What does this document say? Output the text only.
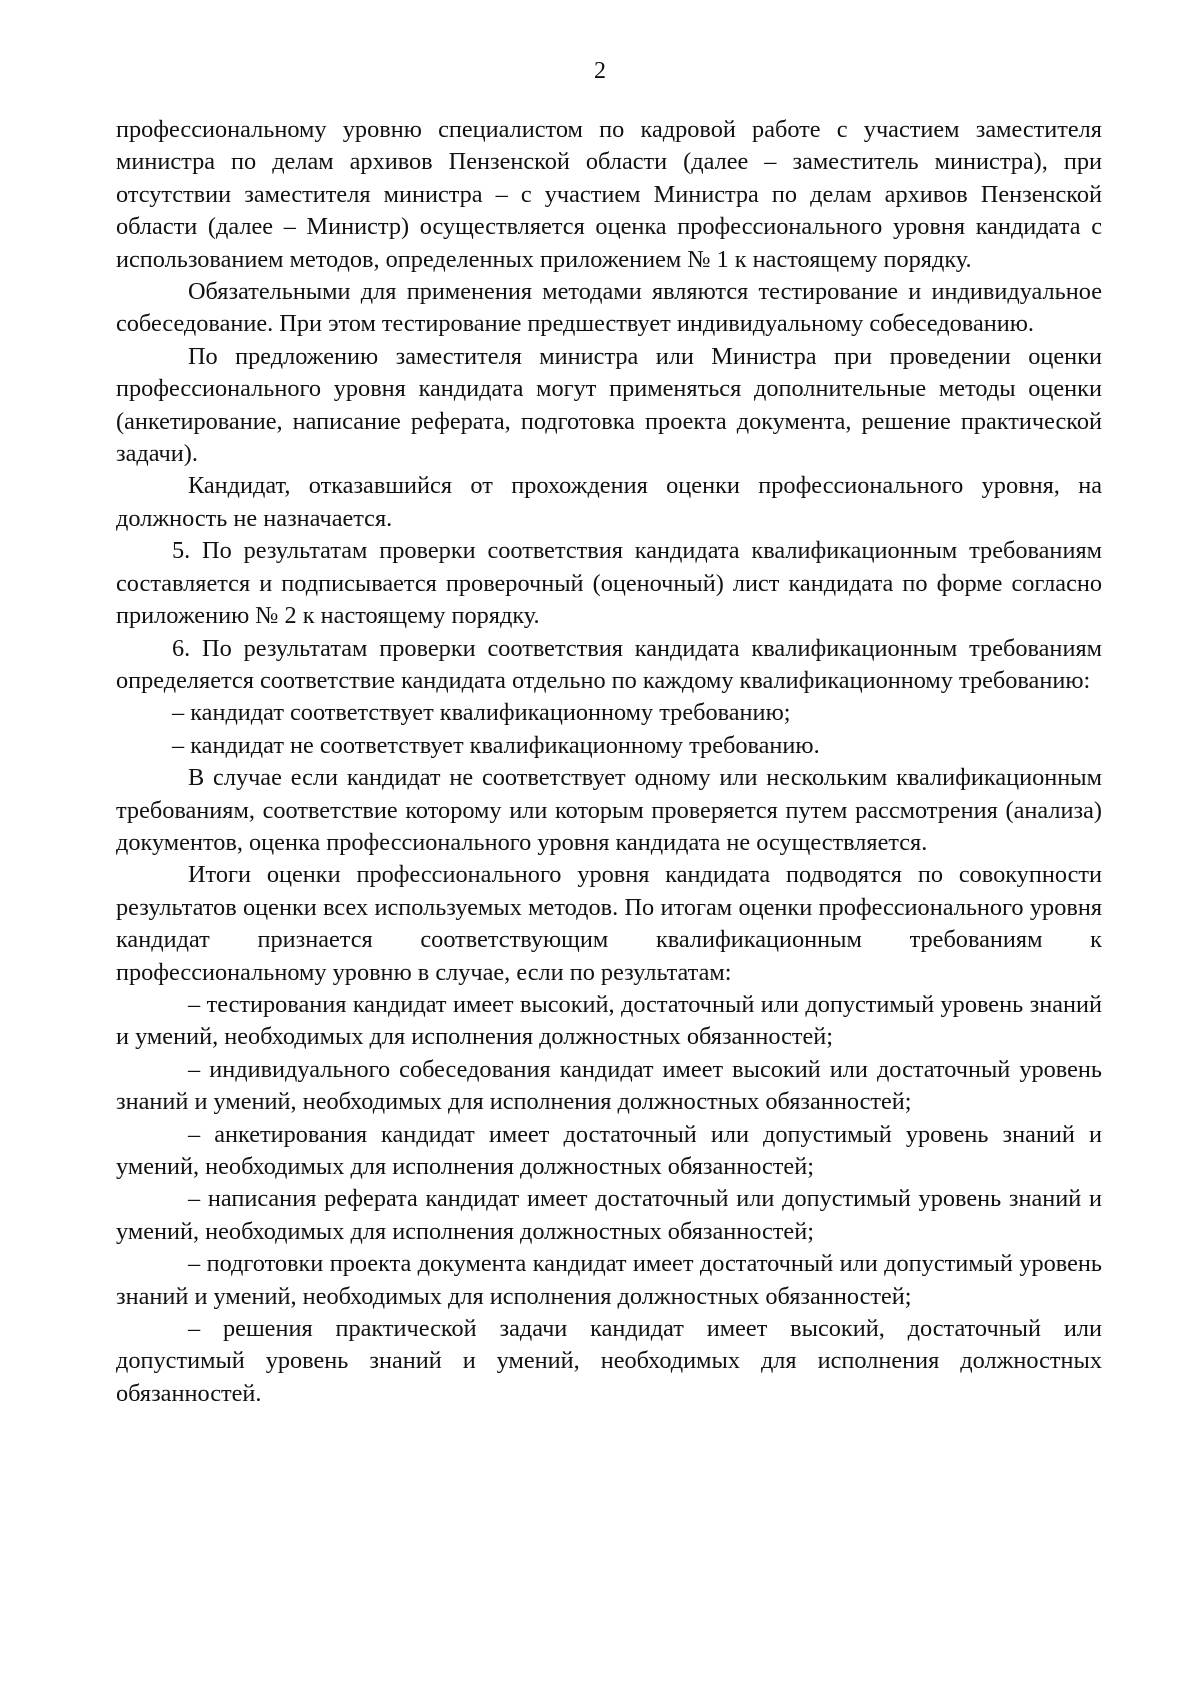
2

профессиональному уровню специалистом по кадровой работе с участием заместителя министра по делам архивов Пензенской области (далее – заместитель министра), при отсутствии заместителя министра – с участием Министра по делам архивов Пензенской области (далее – Министр) осуществляется оценка профессионального уровня кандидата с использованием методов, определенных приложением № 1 к настоящему порядку.

Обязательными для применения методами являются тестирование и индивидуальное собеседование. При этом тестирование предшествует индивидуальному собеседованию.

По предложению заместителя министра или Министра при проведении оценки профессионального уровня кандидата могут применяться дополнительные методы оценки (анкетирование, написание реферата, подготовка проекта документа, решение практической задачи).

Кандидат, отказавшийся от прохождения оценки профессионального уровня, на должность не назначается.

5. По результатам проверки соответствия кандидата квалификационным требованиям составляется и подписывается проверочный (оценочный) лист кандидата по форме согласно приложению № 2 к настоящему порядку.

6. По результатам проверки соответствия кандидата квалификационным требованиям определяется соответствие кандидата отдельно по каждому квалификационному требованию:

– кандидат соответствует квалификационному требованию;

– кандидат не соответствует квалификационному требованию.

В случае если кандидат не соответствует одному или нескольким квалификационным требованиям, соответствие которому или которым проверяется путем рассмотрения (анализа) документов, оценка профессионального уровня кандидата не осуществляется.

Итоги оценки профессионального уровня кандидата подводятся по совокупности результатов оценки всех используемых методов. По итогам оценки профессионального уровня кандидат признается соответствующим квалификационным требованиям к профессиональному уровню в случае, если по результатам:

– тестирования кандидат имеет высокий, достаточный или допустимый уровень знаний и умений, необходимых для исполнения должностных обязанностей;

– индивидуального собеседования кандидат имеет высокий или достаточный уровень знаний и умений, необходимых для исполнения должностных обязанностей;

– анкетирования кандидат имеет достаточный или допустимый уровень знаний и умений, необходимых для исполнения должностных обязанностей;

– написания реферата кандидат имеет достаточный или допустимый уровень знаний и умений, необходимых для исполнения должностных обязанностей;

– подготовки проекта документа кандидат имеет достаточный или допустимый уровень знаний и умений, необходимых для исполнения должностных обязанностей;

– решения практической задачи кандидат имеет высокий, достаточный или допустимый уровень знаний и умений, необходимых для исполнения должностных обязанностей.
